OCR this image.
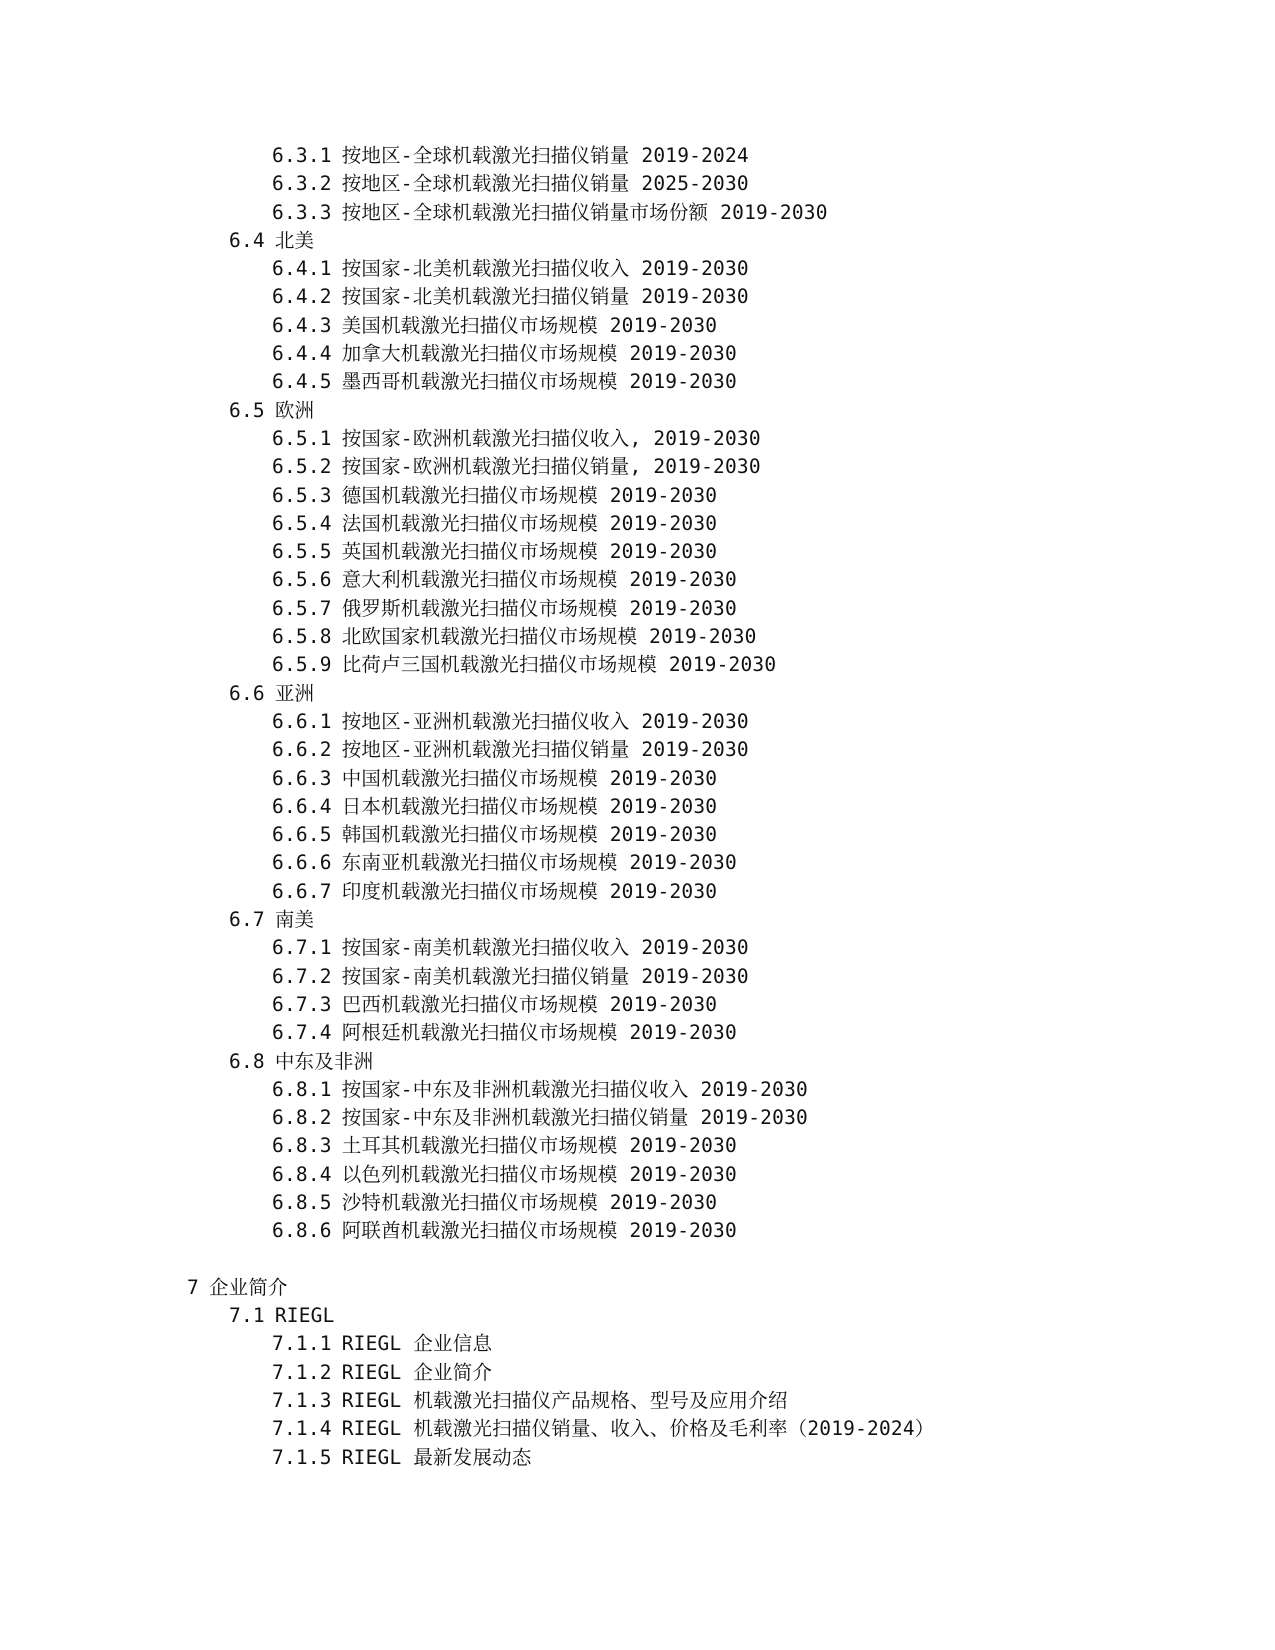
6.3.1 按地区-全球机载激光扫描仪销量 2019-2024
6.3.2 按地区-全球机载激光扫描仪销量 2025-2030
6.3.3 按地区-全球机载激光扫描仪销量市场份额 2019-2030
6.4 北美
6.4.1 按国家-北美机载激光扫描仪收入 2019-2030
6.4.2 按国家-北美机载激光扫描仪销量 2019-2030
6.4.3 美国机载激光扫描仪市场规模 2019-2030
6.4.4 加拿大机载激光扫描仪市场规模 2019-2030
6.4.5 墨西哥机载激光扫描仪市场规模 2019-2030
6.5 欧洲
6.5.1 按国家-欧洲机载激光扫描仪收入, 2019-2030
6.5.2 按国家-欧洲机载激光扫描仪销量, 2019-2030
6.5.3 德国机载激光扫描仪市场规模 2019-2030
6.5.4 法国机载激光扫描仪市场规模 2019-2030
6.5.5 英国机载激光扫描仪市场规模 2019-2030
6.5.6 意大利机载激光扫描仪市场规模 2019-2030
6.5.7 俄罗斯机载激光扫描仪市场规模 2019-2030
6.5.8 北欧国家机载激光扫描仪市场规模 2019-2030
6.5.9 比荷卢三国机载激光扫描仪市场规模 2019-2030
6.6 亚洲
6.6.1 按地区-亚洲机载激光扫描仪收入 2019-2030
6.6.2 按地区-亚洲机载激光扫描仪销量 2019-2030
6.6.3 中国机载激光扫描仪市场规模 2019-2030
6.6.4 日本机载激光扫描仪市场规模 2019-2030
6.6.5 韩国机载激光扫描仪市场规模 2019-2030
6.6.6 东南亚机载激光扫描仪市场规模 2019-2030
6.6.7 印度机载激光扫描仪市场规模 2019-2030
6.7 南美
6.7.1 按国家-南美机载激光扫描仪收入 2019-2030
6.7.2 按国家-南美机载激光扫描仪销量 2019-2030
6.7.3 巴西机载激光扫描仪市场规模 2019-2030
6.7.4 阿根廷机载激光扫描仪市场规模 2019-2030
6.8 中东及非洲
6.8.1 按国家-中东及非洲机载激光扫描仪收入 2019-2030
6.8.2 按国家-中东及非洲机载激光扫描仪销量 2019-2030
6.8.3 土耳其机载激光扫描仪市场规模 2019-2030
6.8.4 以色列机载激光扫描仪市场规模 2019-2030
6.8.5 沙特机载激光扫描仪市场规模 2019-2030
6.8.6 阿联酋机载激光扫描仪市场规模 2019-2030
7 企业简介
7.1 RIEGL
7.1.1 RIEGL 企业信息
7.1.2 RIEGL 企业简介
7.1.3 RIEGL 机载激光扫描仪产品规格、型号及应用介绍
7.1.4 RIEGL 机载激光扫描仪销量、收入、价格及毛利率（2019-2024）
7.1.5 RIEGL 最新发展动态
